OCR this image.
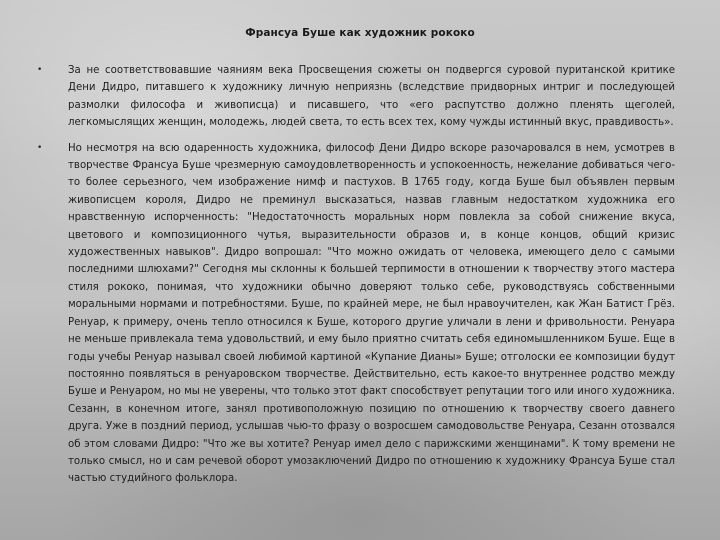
Франсуа Буше как художник рококо
•	За не соответствовавшие чаяниям века Просвещения сюжеты он подвергся суровой пуританской критике Дени Дидро, питавшего к художнику личную неприязнь (вследствие придворных интриг и последующей размолки философа и живописца) и писавшего, что «его распутство должно пленять щеголей, легкомыслящих женщин, молодежь, людей света, то есть всех тех, кому чужды истинный вкус, правдивость».
•	Но несмотря на всю одаренность художника, философ Дени Дидро вскоре разочаровался в нем, усмотрев в творчестве Франсуа Буше чрезмерную самоудовлетворенность и успокоенность, нежелание добиваться чего-то более серьезного, чем изображение нимф и пастухов. В 1765 году, когда Буше был объявлен первым живописцем короля, Дидро не преминул высказаться, назвав главным недостатком художника его нравственную испорченность: "Недостаточность моральных норм повлекла за собой снижение вкуса, цветового и композиционного чутья, выразительности образов и, в конце концов, общий кризис художественных навыков". Дидро вопрошал: "Что можно ожидать от человека, имеющего дело с самыми последними шлюхами?" Сегодня мы склонны к большей терпимости в отношении к творчеству этого мастера стиля рококо, понимая, что художники обычно доверяют только себе, руководствуясь собственными моральными нормами и потребностями. Буше, по крайней мере, не был нравоучителен, как Жан Батист Грёз. Ренуар, к примеру, очень тепло относился к Буше, которого другие уличали в лени и фривольности. Ренуара не меньше привлекала тема удовольствий, и ему было приятно считать себя единомышленником Буше. Еще в годы учебы Ренуар называл своей любимой картиной «Купание Дианы» Буше; отголоски ее композиции будут постоянно появляться в ренуаровском творчестве. Действительно, есть какое-то внутреннее родство между Буше и Ренуаром, но мы не уверены, что только этот факт способствует репутации того или иного художника. Сезанн, в конечном итоге, занял противоположную позицию по отношению к творчеству своего давнего друга. Уже в поздний период, услышав чью-то фразу о возросшем самодовольстве Ренуара, Сезанн отозвался об этом словами Дидро: "Что же вы хотите? Ренуар имел дело с парижскими женщинами". К тому времени не только смысл, но и сам речевой оборот умозаключений Дидро по отношению к художнику Франсуа Буше стал частью студийного фольклора.
